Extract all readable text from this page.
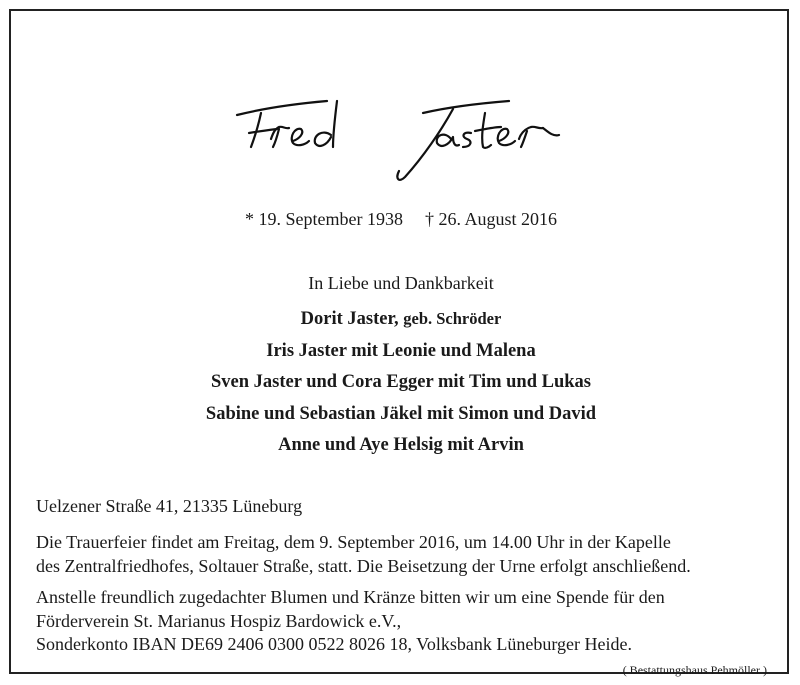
* 19. September 1938 † 26. August 2016
In Liebe und Dankbarkeit
Dorit Jaster, geb. Schröder
Iris Jaster mit Leonie und Malena
Sven Jaster und Cora Egger mit Tim und Lukas
Sabine und Sebastian Jäkel mit Simon und David
Anne und Aye Helsig mit Arvin
Uelzener Straße 41, 21335 Lüneburg
Die Trauerfeier findet am Freitag, dem 9. September 2016, um 14.00 Uhr in der Kapelle
des Zentralfriedhofes, Soltauer Straße, statt. Die Beisetzung der Urne erfolgt anschließend.
Anstelle freundlich zugedachter Blumen und Kränze bitten wir um eine Spende für den
Förderverein St. Marianus Hospiz Bardowick e.V.,
Sonderkonto IBAN DE69 2406 0300 0522 8026 18, Volksbank Lüneburger Heide.
( Bestattungshaus Pehmöller )
